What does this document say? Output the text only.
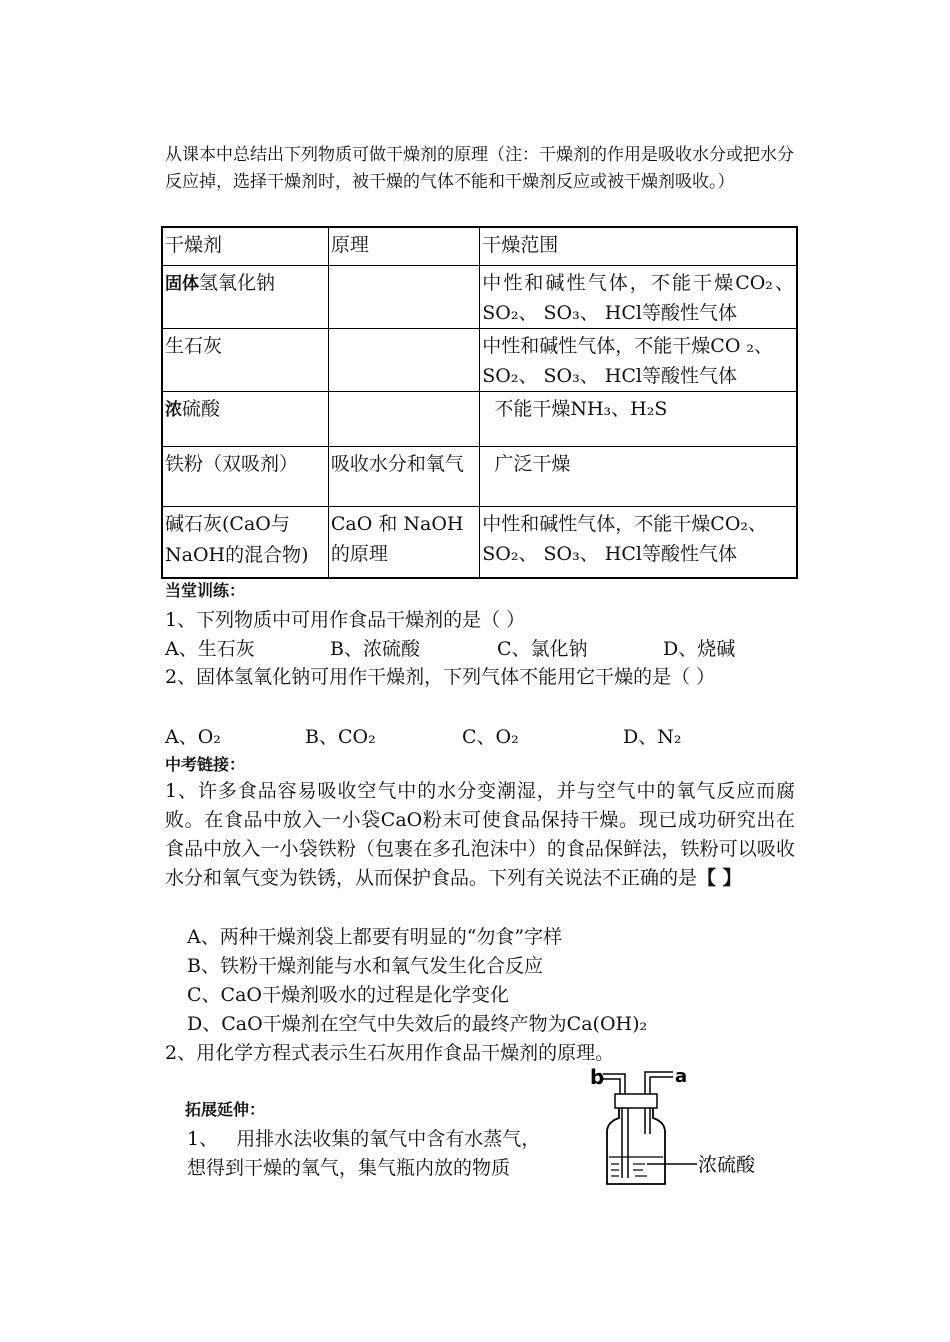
从课本中总结出下列物质可做干燥剂的原理（注：干燥剂的作用是吸收水分或把水分反应掉，选择干燥剂时，被干燥的气体不能和干燥剂反应或被干燥剂吸收。）
干燥剂	原理	干燥范围
固体氢氧化钠		中性和碱性气体，不能干燥CO₂、SO₂、 SO₃、 HCl等酸性气体
生石灰		中性和碱性气体，不能干燥CO ₂、SO₂、 SO₃、 HCl等酸性气体
浓硫酸		不能干燥NH₃、H₂S
铁粉（双吸剂）	吸收水分和氧气	广泛干燥
碱石灰(CaO与NaOH的混合物)	CaO 和 NaOH的原理	中性和碱性气体，不能干燥CO₂、SO₂、 SO₃、 HCl等酸性气体
当堂训练：
1、下列物质中可用作食品干燥剂的是（ ）
A、生石灰	B、浓硫酸	C、氯化钠	D、烧碱
2、固体氢氧化钠可用作干燥剂，下列气体不能用它干燥的是（ ）
A、O₂	B、CO₂	C、O₂	D、N₂
中考链接：
1、许多食品容易吸收空气中的水分变潮湿，并与空气中的氧气反应而腐败。在食品中放入一小袋CaO粉末可使食品保持干燥。现已成功研究出在食品中放入一小袋铁粉（包裹在多孔泡沫中）的食品保鲜法，铁粉可以吸收水分和氧气变为铁锈，从而保护食品。下列有关说法不正确的是【 】
A、两种干燥剂袋上都要有明显的“勿食”字样
B、铁粉干燥剂能与水和氧气发生化合反应
C、CaO干燥剂吸水的过程是化学变化
D、CaO干燥剂在空气中失效后的最终产物为Ca(OH)₂
2、用化学方程式表示生石灰用作食品干燥剂的原理。
拓展延伸：
1、   用排水法收集的氧气中含有水蒸气，
想得到干燥的氧气，集气瓶内放的物质
b	a
浓硫酸
